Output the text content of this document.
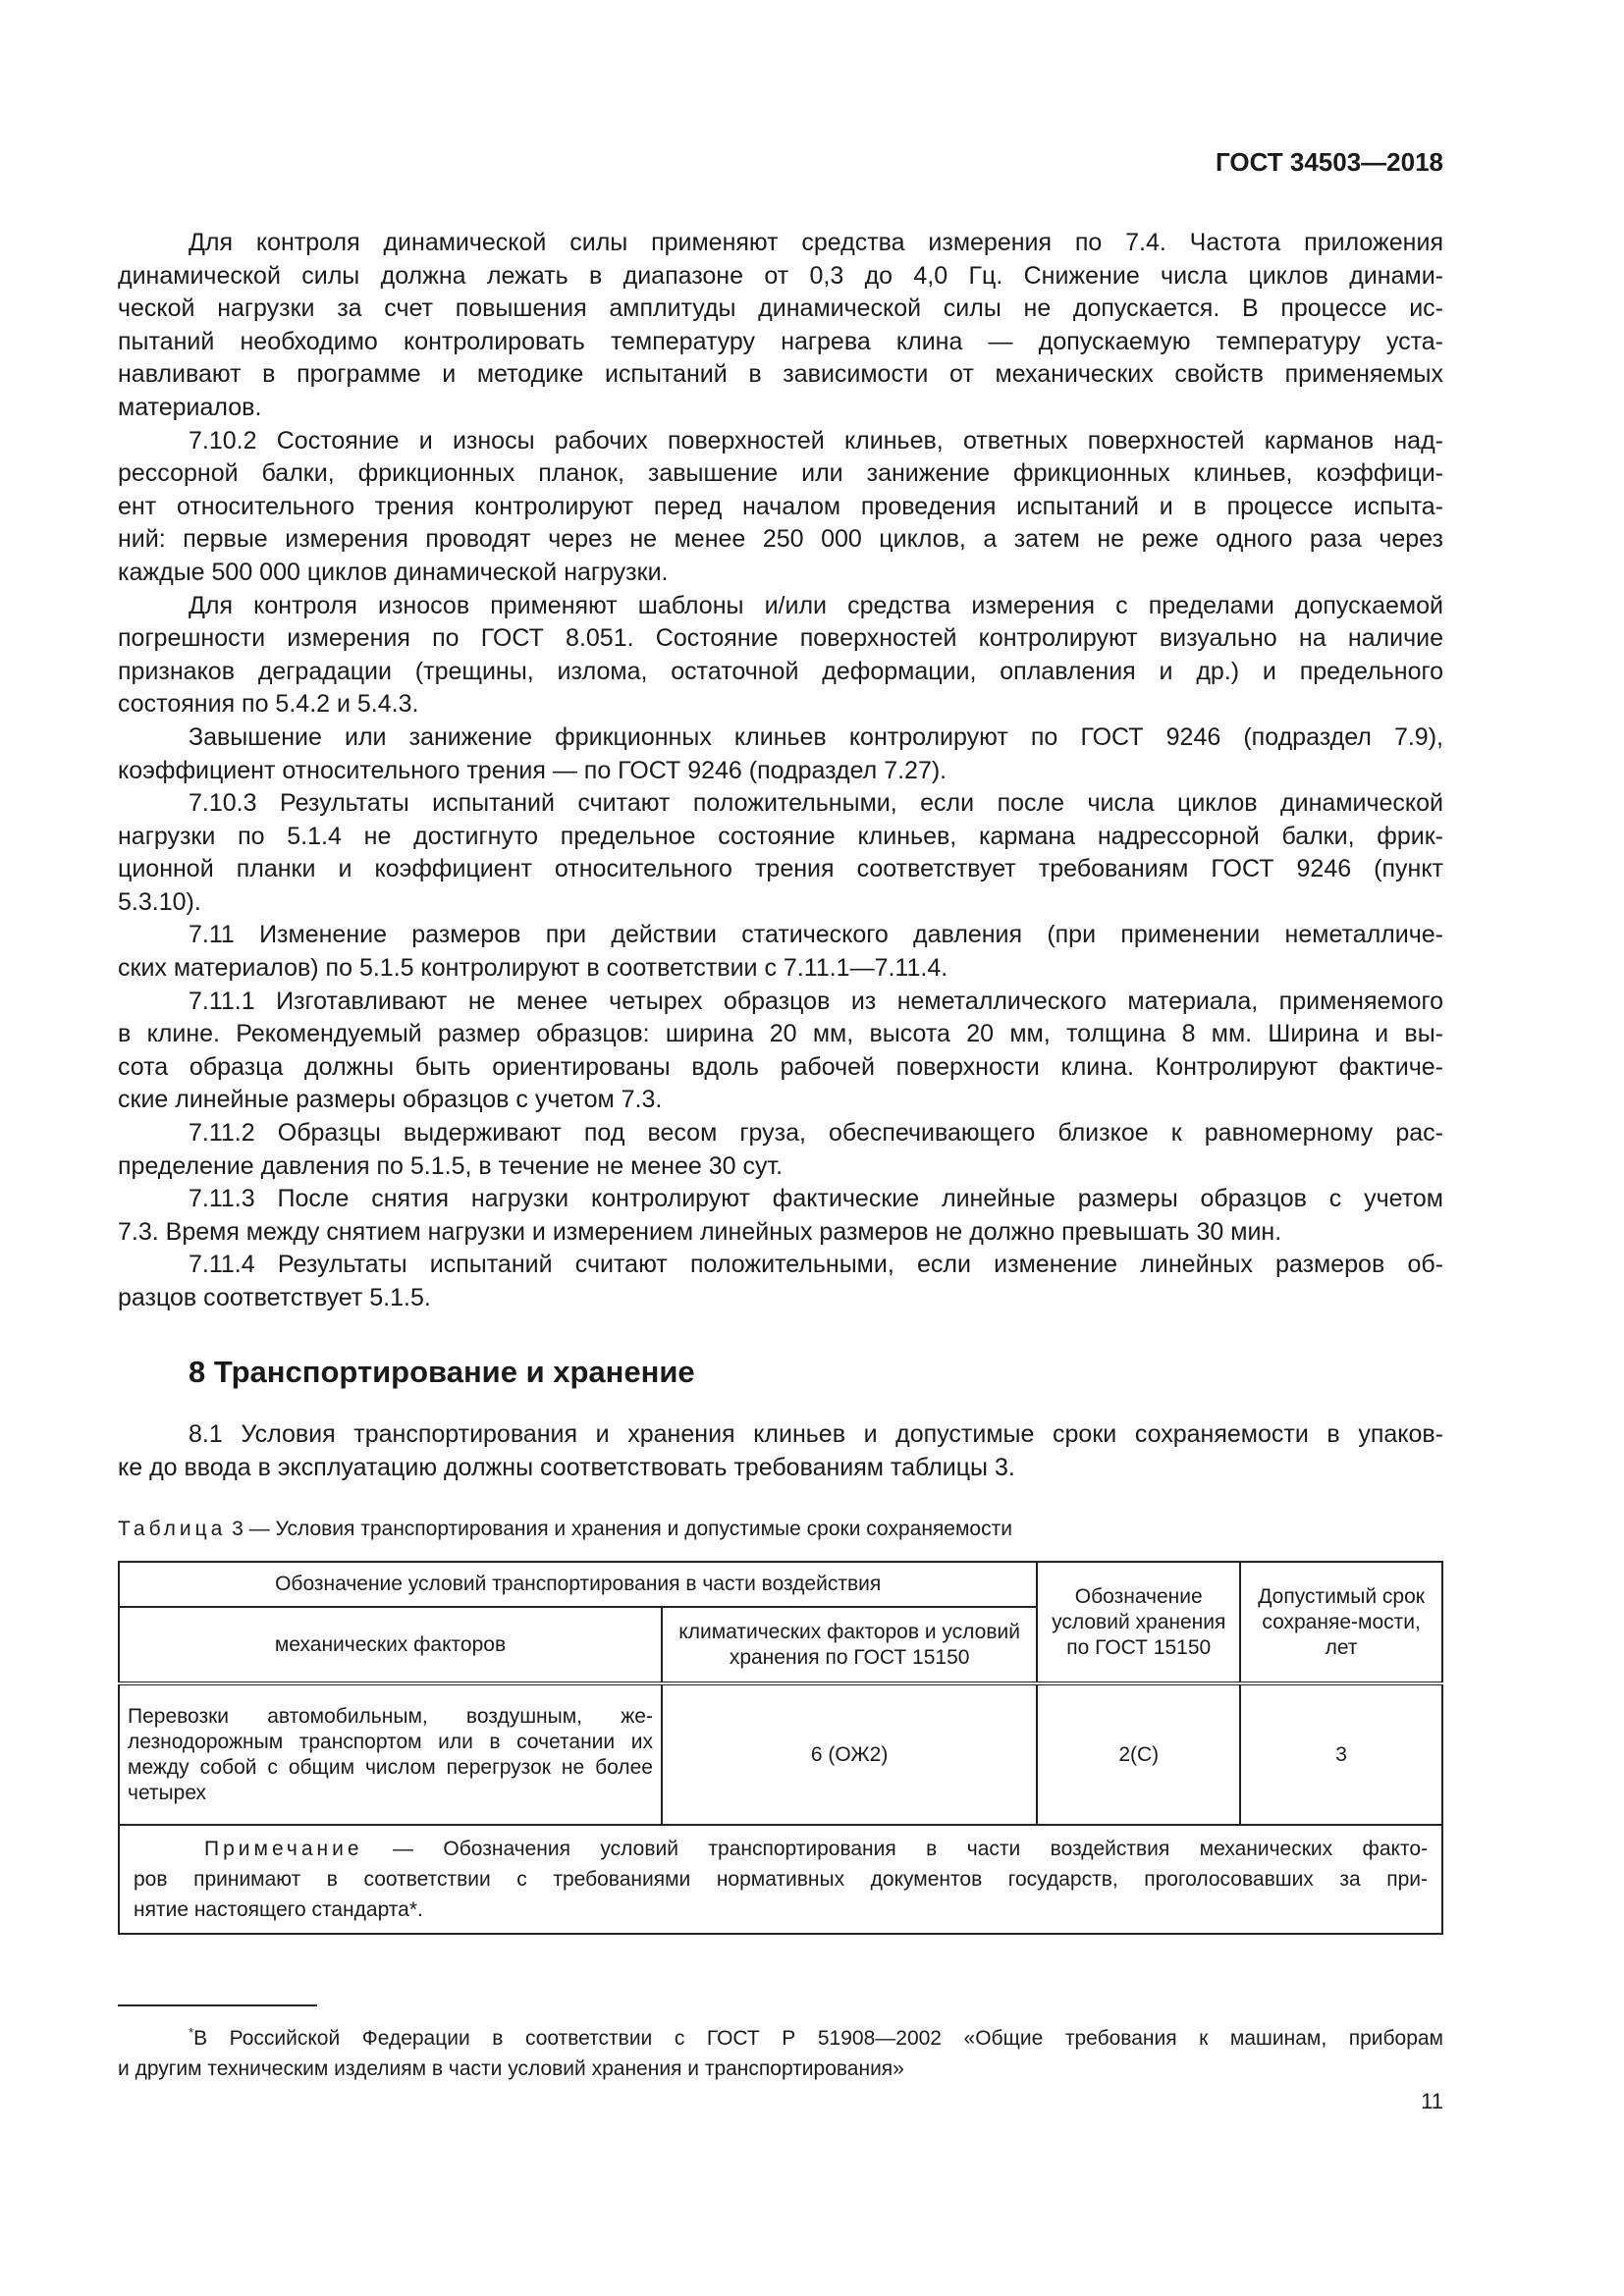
ГОСТ 34503—2018
Для контроля динамической силы применяют средства измерения по 7.4. Частота приложения
динамической силы должна лежать в диапазоне от 0,3 до 4,0 Гц. Снижение числа циклов динами-
ческой нагрузки за счет повышения амплитуды динамической силы не допускается. В процессе ис-
пытаний необходимо контролировать температуру нагрева клина — допускаемую температуру уста-
навливают в программе и методике испытаний в зависимости от механических свойств применяемых
материалов.
7.10.2 Состояние и износы рабочих поверхностей клиньев, ответных поверхностей карманов над-
рессорной балки, фрикционных планок, завышение или занижение фрикционных клиньев, коэффици-
ент относительного трения контролируют перед началом проведения испытаний и в процессе испыта-
ний: первые измерения проводят через не менее 250 000 циклов, а затем не реже одного раза через
каждые 500 000 циклов динамической нагрузки.
Для контроля износов применяют шаблоны и/или средства измерения с пределами допускаемой
погрешности измерения по ГОСТ 8.051. Состояние поверхностей контролируют визуально на наличие
признаков деградации (трещины, излома, остаточной деформации, оплавления и др.) и предельного
состояния по 5.4.2 и 5.4.3.
Завышение или занижение фрикционных клиньев контролируют по ГОСТ 9246 (подраздел 7.9),
коэффициент относительного трения — по ГОСТ 9246 (подраздел 7.27).
7.10.3 Результаты испытаний считают положительными, если после числа циклов динамической
нагрузки по 5.1.4 не достигнуто предельное состояние клиньев, кармана надрессорной балки, фрик-
ционной планки и коэффициент относительного трения соответствует требованиям ГОСТ 9246 (пункт
5.3.10).
7.11 Изменение размеров при действии статического давления (при применении неметалличе-
ских материалов) по 5.1.5 контролируют в соответствии с 7.11.1—7.11.4.
7.11.1 Изготавливают не менее четырех образцов из неметаллического материала, применяемого
в клине. Рекомендуемый размер образцов: ширина 20 мм, высота 20 мм, толщина 8 мм. Ширина и вы-
сота образца должны быть ориентированы вдоль рабочей поверхности клина. Контролируют фактиче-
ские линейные размеры образцов с учетом 7.3.
7.11.2 Образцы выдерживают под весом груза, обеспечивающего близкое к равномерному рас-
пределение давления по 5.1.5, в течение не менее 30 сут.
7.11.3 После снятия нагрузки контролируют фактические линейные размеры образцов с учетом
7.3. Время между снятием нагрузки и измерением линейных размеров не должно превышать 30 мин.
7.11.4 Результаты испытаний считают положительными, если изменение линейных размеров об-
разцов соответствует 5.1.5.
8 Транспортирование и хранение
8.1 Условия транспортирования и хранения клиньев и допустимые сроки сохраняемости в упаков-
ке до ввода в эксплуатацию должны соответствовать требованиям таблицы 3.
Таблица 3 — Условия транспортирования и хранения и допустимые сроки сохраняемости
Обозначение условий транспортирования в части воздействия		Обозначение условий хранения по ГОСТ 15150	Допустимый срок сохраняе-мости, лет
механических факторов	климатических факторов и условий хранения по ГОСТ 15150		
Перевозки автомобильным, воздушным, железнодорожным транспортом или в сочетании их между собой с общим числом перегрузок не более четырех	6 (ОЖ2)	2(С)	3

Примечание — Обозначения условий транспортирования в части воздействия механических факто-
ров принимают в соответствии с требованиями нормативных документов государств, проголосовавших за при-
нятие настоящего стандарта*.			
*В Российской Федерации в соответствии с ГОСТ Р 51908—2002 «Общие требования к машинам, приборам
и другим техническим изделиям в части условий хранения и транспортирования»
11
